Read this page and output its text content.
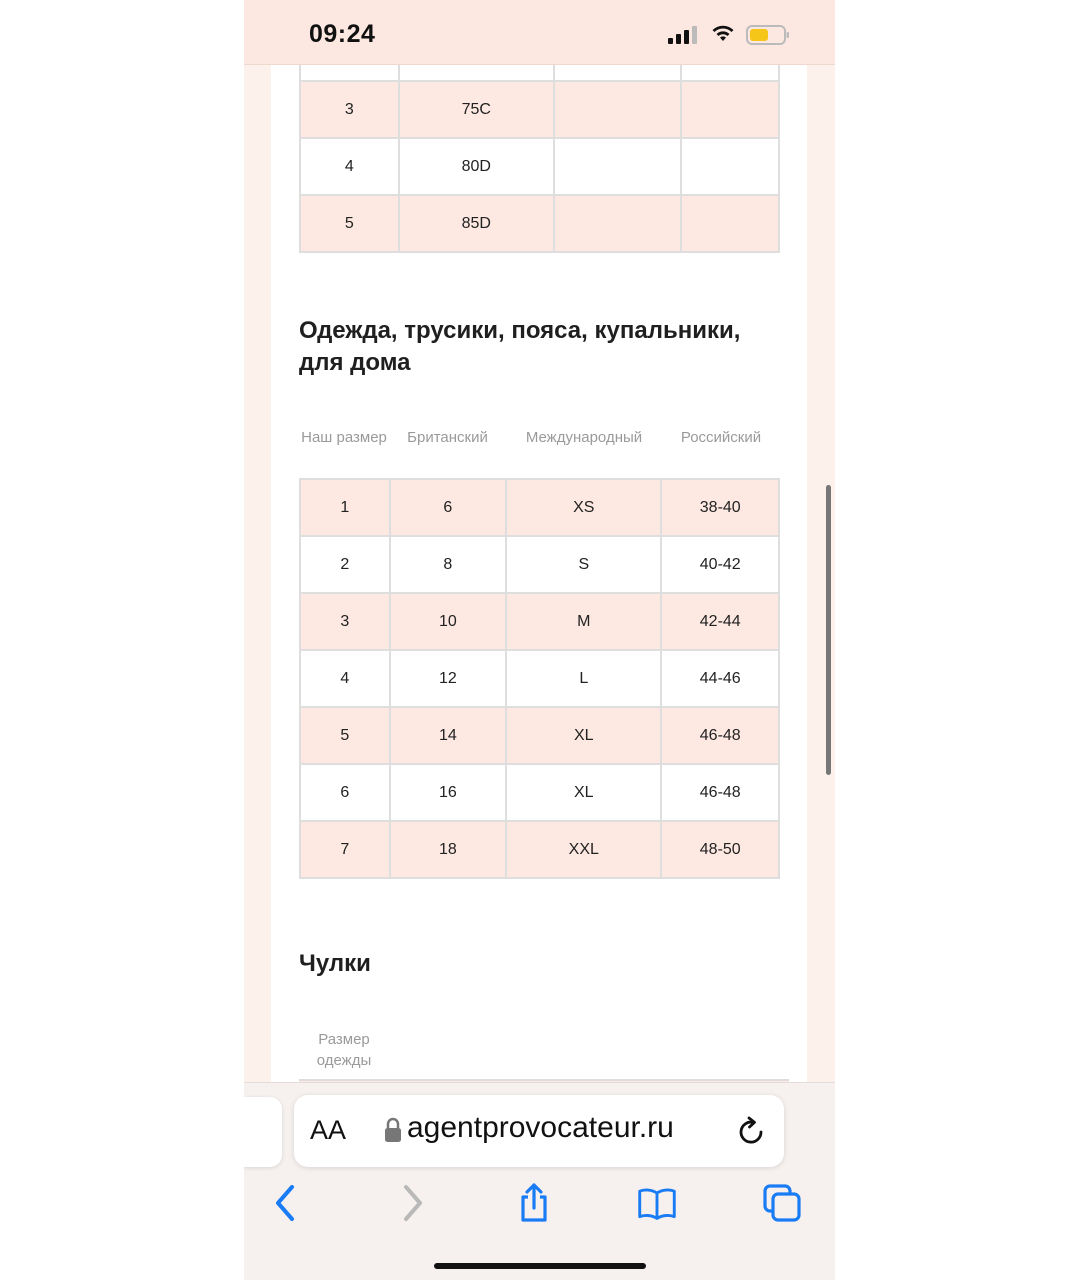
09:24

3	75C		
4	80D		
5	85D		
Одежда, трусики, пояса, купальники, для дома
Наш размер	Британский	Международный	Российский
1	6	XS	38-40
2	8	S	40-42
3	10	M	42-44
4	12	L	44-46
5	14	XL	46-48
6	16	XL	46-48
7	18	XXL	48-50
Чулки
Размер одежды
AA agentprovocateur.ru
